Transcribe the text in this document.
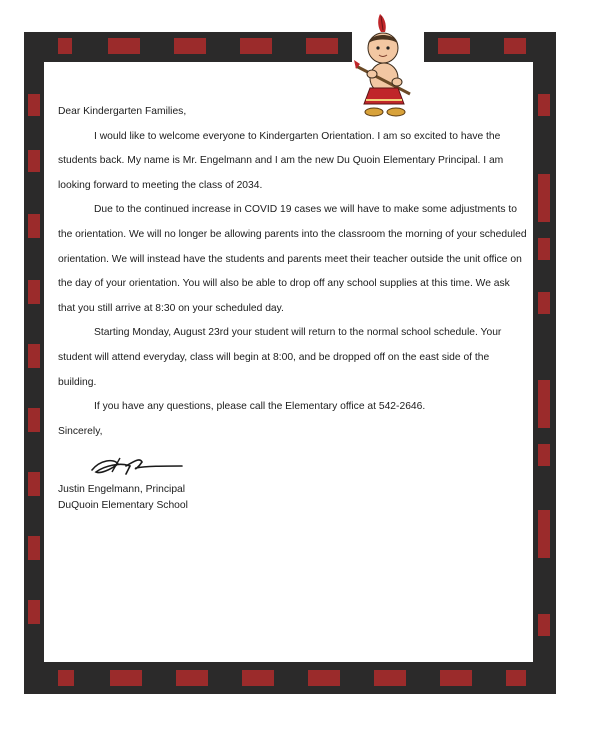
Dear Kindergarten Families,

I would like to welcome everyone to Kindergarten Orientation. I am so excited to have the students back. My name is Mr. Engelmann and I am the new Du Quoin Elementary Principal. I am looking forward to meeting the class of 2034.

Due to the continued increase in COVID 19 cases we will have to make some adjustments to the orientation. We will no longer be allowing parents into the classroom the morning of your scheduled orientation. We will instead have the students and parents meet their teacher outside the unit office on the day of your orientation. You will also be able to drop off any school supplies at this time. We ask that you still arrive at 8:30 on your scheduled day.

Starting Monday, August 23rd your student will return to the normal school schedule. Your student will attend everyday, class will begin at 8:00, and be dropped off on the east side of the building.

If you have any questions, please call the Elementary office at 542-2646.

Sincerely,

Justin Engelmann, Principal
DuQuoin Elementary School
